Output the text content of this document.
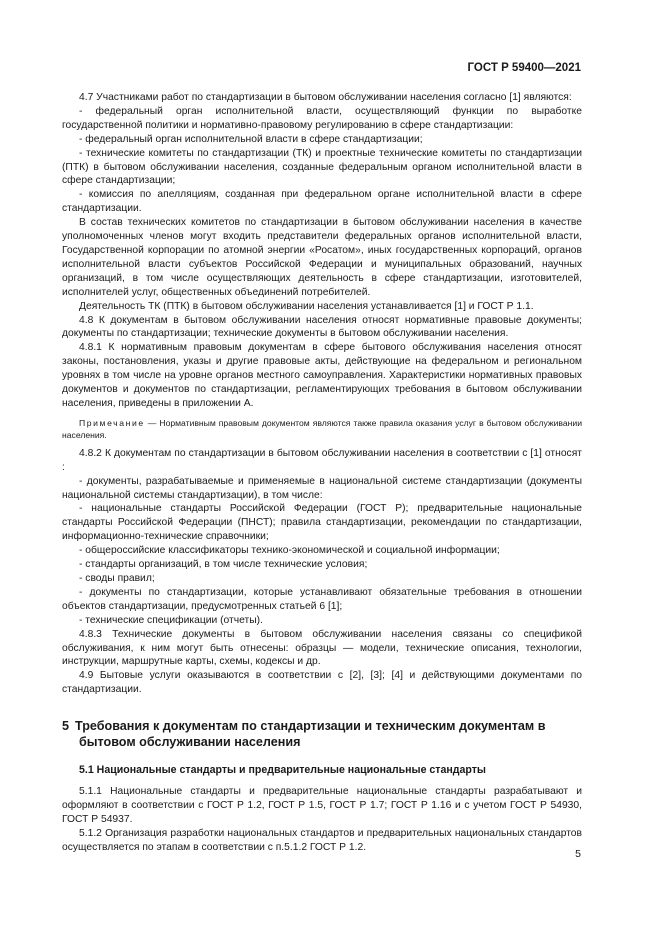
ГОСТ Р 59400—2021

4.7 Участниками работ по стандартизации в бытовом обслуживании населения согласно [1] являются:

- федеральный орган исполнительной власти, осуществляющий функции по выработке государственной политики и нормативно-правовому регулированию в сфере стандартизации:

- федеральный орган исполнительной власти в сфере стандартизации;

- технические комитеты по стандартизации (ТК) и проектные технические комитеты по стандартизации (ПТК) в бытовом обслуживании населения, созданные федеральным органом исполнительной власти в сфере стандартизации;

- комиссия по апелляциям, созданная при федеральном органе исполнительной власти в сфере стандартизации.

В состав технических комитетов по стандартизации в бытовом обслуживании населения в качестве уполномоченных членов могут входить представители федеральных органов исполнительной власти, Государственной корпорации по атомной энергии «Росатом», иных государственных корпораций, органов исполнительной власти субъектов Российской Федерации и муниципальных образований, научных организаций, в том числе осуществляющих деятельность в сфере стандартизации, изготовителей, исполнителей услуг, общественных объединений потребителей.

Деятельность ТК (ПТК) в бытовом обслуживании населения устанавливается [1] и ГОСТ Р 1.1.

4.8 К документам в бытовом обслуживании населения относят нормативные правовые документы; документы по стандартизации; технические документы в бытовом обслуживании населения.

4.8.1 К нормативным правовым документам в сфере бытового обслуживания населения относят законы, постановления, указы и другие правовые акты, действующие на федеральном и региональном уровнях в том числе на уровне органов местного самоуправления. Характеристики нормативных правовых документов и документов по стандартизации, регламентирующих требования в бытовом обслуживании населения, приведены в приложении А.

Примечание — Нормативным правовым документом являются также правила оказания услуг в бытовом обслуживании населения.

4.8.2 К документам по стандартизации в бытовом обслуживании населения в соответствии с [1] относят :

- документы, разрабатываемые и применяемые в национальной системе стандартизации (документы национальной системы стандартизации), в том числе:

- национальные стандарты Российской Федерации (ГОСТ Р); предварительные национальные стандарты Российской Федерации (ПНСТ); правила стандартизации, рекомендации по стандартизации, информационно-технические справочники;

- общероссийские классификаторы технико-экономической и социальной информации;

- стандарты организаций, в том числе технические условия;

- своды правил;

- документы по стандартизации, которые устанавливают обязательные требования в отношении объектов стандартизации, предусмотренных статьей 6 [1];

- технические спецификации (отчеты).

4.8.3 Технические документы в бытовом обслуживании населения связаны со спецификой обслуживания, к ним могут быть отнесены: образцы — модели, технические описания, технологии, инструкции, маршрутные карты, схемы, кодексы и др.

4.9 Бытовые услуги оказываются в соответствии с [2], [3]; [4] и действующими документами по стандартизации.

5 Требования к документам по стандартизации и техническим документам в бытовом обслуживании населения
5.1 Национальные стандарты и предварительные национальные стандарты

5.1.1 Национальные стандарты и предварительные национальные стандарты разрабатывают и оформляют в соответствии с ГОСТ Р 1.2, ГОСТ Р 1.5, ГОСТ Р 1.7; ГОСТ Р 1.16 и с учетом ГОСТ Р 54930, ГОСТ Р 54937.

5.1.2 Организация разработки национальных стандартов и предварительных национальных стандартов осуществляется по этапам в соответствии с п.5.1.2 ГОСТ Р 1.2.

5
